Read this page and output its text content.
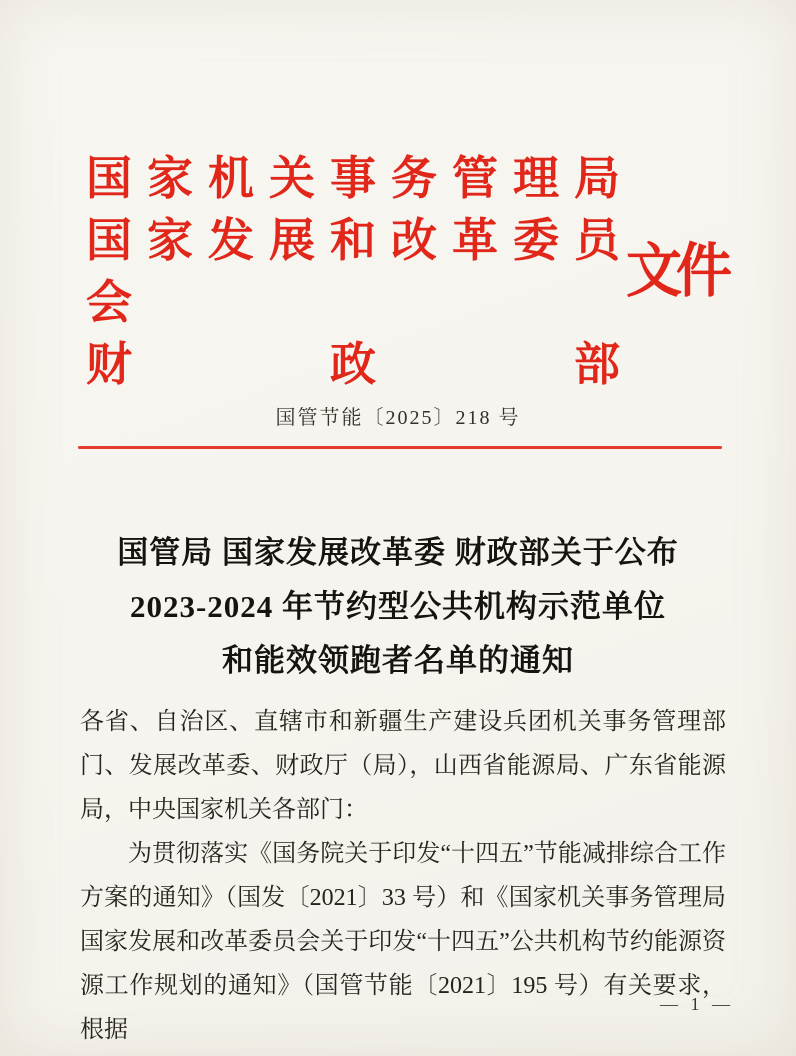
国 家 机 关 事 务 管 理 局
国 家 发 展 和 改 革 委 员 会
财 政 部
文件
国管节能〔2025〕218 号
国管局 国家发展改革委 财政部关于公布
2023-2024 年节约型公共机构示范单位
和能效领跑者名单的通知

各省、自治区、直辖市和新疆生产建设兵团机关事务管理部门、发展改革委、财政厅（局），山西省能源局、广东省能源局，中央国家机关各部门：

为贯彻落实《国务院关于印发“十四五”节能减排综合工作方案的通知》（国发〔2021〕33 号）和《国家机关事务管理局 国家发展和改革委员会关于印发“十四五”公共机构节约能源资源工作规划的通知》（国管节能〔2021〕195 号）有关要求，根据

— 1 —
